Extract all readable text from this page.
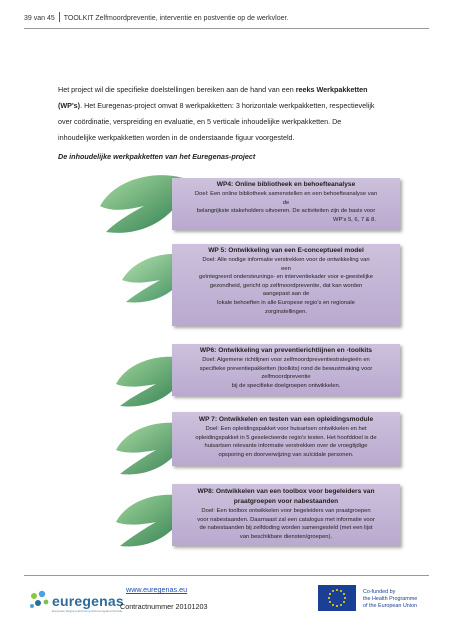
39 van 45 TOOLKIT Zelfmoordpreventie, interventie en postventie op de werkvloer.

Het project wil die specifieke doelstellingen bereiken aan de hand van een reeks Werkpakketten

(WP's). Het Euregenas-project omvat 8 werkpakketten: 3 horizontale werkpakketten, respectievelijk

over coördinatie, verspreiding en evaluatie, en 5 verticale inhoudelijke werkpakketten. De

inhoudelijke werkpakketten worden in de onderstaande figuur voorgesteld.

De inhoudelijke werkpakketten van het Euregenas-project
WP4: Online bibliotheek en behoefteanalyse
Doel: Een online bibliotheek samenstellen en een behoefteanalyse van
de
belangrijkste stakeholders uitvoeren. De activiteiten zijn de basis voor
WP's 5, 6, 7 & 8.
WP 5: Ontwikkeling van een E-conceptueel model
Doel: Alle nodige informatie verstrekken voor de ontwikkeling van
een
geïntegreerd ondersteunings- en interventiekader voor e-geestelijke
gezondheid, gericht op zelfmoordpreventie, dat kan worden
aangepast aan de
lokale behoeften in alle Europese regio's en regionale
zorginstellingen.
WP6: Ontwikkeling van preventierichtlijnen en -toolkits
Doel: Algemene richtlijnen voor zelfmoordpreventiestrategieën en
specifieke preventiepakketten (toolkits) rond de bewustmaking voor
zelfmoordpreventie
bij de specifieke doelgroepen ontwikkelen.
WP 7: Ontwikkelen en testen van een opleidingsmodule
Doel: Een opleidingspakket voor huisartsen ontwikkelen en het
opleidingspakket in 5 geselecteerde regio's testen. Het hoofddoel is de
huisartsen relevante informatie verstrekken over de vroegtijdige
opsporing en doorverwijzing van suïcidale personen.
WP8: Ontwikkelen van een toolbox voor begeleiders van
praatgroepen voor nabestaanden
Doel: Een toolbox ontwikkelen voor begeleiders van praatgroepen
voor nabestaanden. Daarnaast zal een catalogus met informatie voor
de nabestaanden bij zelfdoding worden samengesteld (met een lijst
van beschikbare diensten/groepen).
euregenas
European Regions Enforcing Actions Against Suicide
www.euregenas.eu
Contractnummer 20101203
Co-funded by
the Health Programme
of the European Union
